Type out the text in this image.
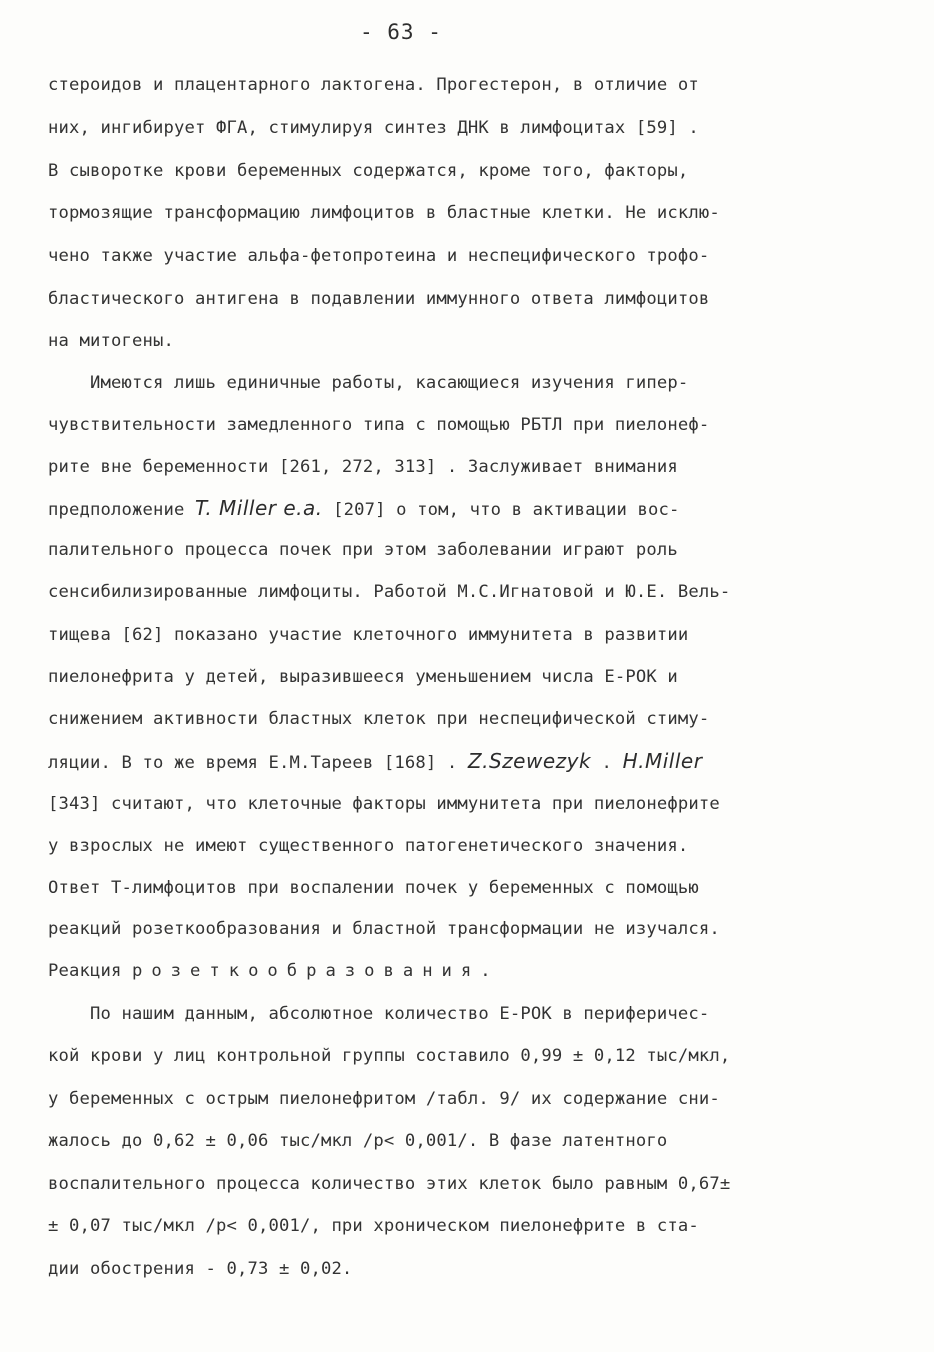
- 63 -
стероидов и плацентарного лактогена. Прогестерон, в отличие от
них, ингибирует ФГА, стимулируя синтез ДНК в лимфоцитах [59] .
В сыворотке крови беременных содержатся, кроме того, факторы,
тормозящие трансформацию лимфоцитов в бластные клетки. Не исклю-
чено также участие альфа-фетопротеина и неспецифического трофо-
бластического антигена в подавлении иммунного ответа лимфоцитов
на митогены.
Имеются лишь единичные работы, касающиеся изучения гипер-
чувствительности замедленного типа с помощью РБТЛ при пиелонеф-
рите вне беременности [261, 272, 313] . Заслуживает внимания
предположение T. Miller e.a. [207] о том, что в активации вос-
палительного процесса почек при этом заболевании играют роль
сенсибилизированные лимфоциты. Работой М.С.Игнатовой и Ю.Е. Вель-
тищева [62] показано участие клеточного иммунитета в развитии
пиелонефрита у детей, выразившееся уменьшением числа Е-РОК и
снижением активности бластных клеток при неспецифической стиму-
ляции. В то же время Е.М.Тареев [168] . Z.Szewezyk . H.Miller
[343] считают, что клеточные факторы иммунитета при пиелонефрите
у взрослых не имеют существенного патогенетического значения.
Ответ Т-лимфоцитов при воспалении почек у беременных с помощью
реакций розеткообразования и бластной трансформации не изучался.
Реакция розеткообразования.
По нашим данным, абсолютное количество Е-РОК в периферичес-
кой крови у лиц контрольной группы составило 0,99 ± 0,12 тыс/мкл,
у беременных с острым пиелонефритом /табл. 9/ их содержание сни-
жалось до 0,62 ± 0,06 тыс/мкл /р< 0,001/. В фазе латентного
воспалительного процесса количество этих клеток было равным 0,67±
± 0,07 тыс/мкл /р< 0,001/, при хроническом пиелонефрите в ста-
дии обострения - 0,73 ± 0,02.
